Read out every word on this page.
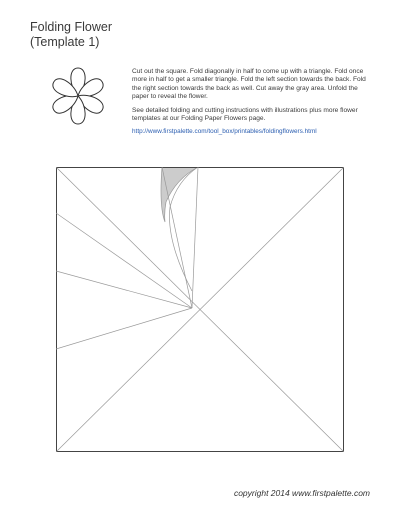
Folding Flower
(Template 1)

Cut out the square. Fold diagonally in half to come up with a triangle. Fold once more in half to get a smaller triangle. Fold the left section towards the back. Fold the right section towards the back as well. Cut away the gray area. Unfold the paper to reveal the flower.

See detailed folding and cutting instructions with illustrations plus more flower templates at our Folding Paper Flowers page.

http://www.firstpalette.com/tool_box/printables/foldingflowers.html
copyright 2014 www.firstpalette.com
